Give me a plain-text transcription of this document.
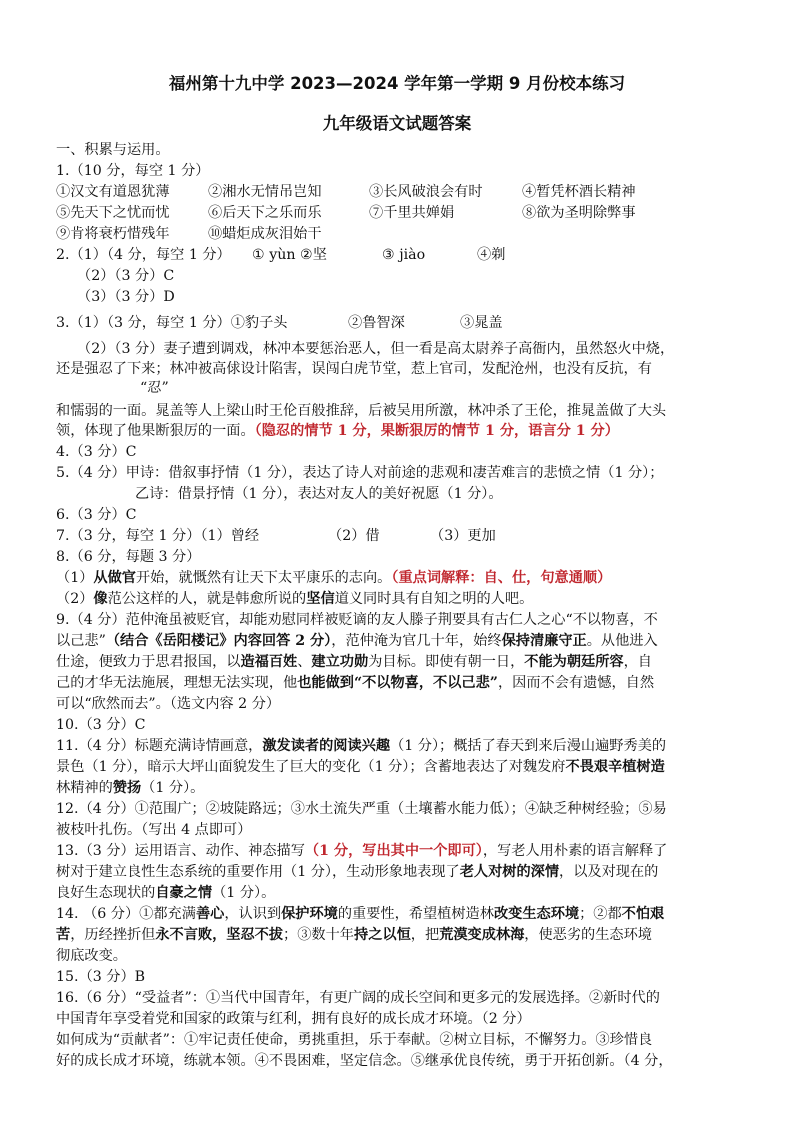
福州第十九中学 2023—2024 学年第一学期 9 月份校本练习
九年级语文试题答案
一、积累与运用。
1.（10 分，每空 1 分）
①汉文有道恩犹薄	②湘水无情吊岂知	③长风破浪会有时	④暂凭杯酒长精神
⑤先天下之忧而忧	⑥后天下之乐而乐	⑦千里共婵娟	⑧欲为圣明除弊事
⑨肯将衰朽惜残年	⑩蜡炬成灰泪始干
2.（1）（4 分，每空 1 分） ① yùn ②坚	③ jiào	④剃
（2）（3 分）C
（3）（3 分）D
3.（1）（3 分，每空 1 分）①豹子头	②鲁智深	③晁盖
（2）（3 分）妻子遭到调戏，林冲本要惩治恶人，但一看是高太尉养子高衙内，虽然怒火中烧，
还是强忍了下来；林冲被高俅设计陷害，误闯白虎节堂，惹上官司，发配沧州，也没有反抗，有
“忍”
和懦弱的一面。晁盖等人上梁山时王伦百般推辞，后被吴用所激，林冲杀了王伦，推晁盖做了大头
领，体现了他果断狠厉的一面。（隐忍的情节 1 分，果断狠厉的情节 1 分，语言分 1 分）
4.（3 分）C
5.（4 分）甲诗：借叙事抒情（1 分），表达了诗人对前途的悲观和凄苦难言的悲愤之情（1 分）；
乙诗：借景抒情（1 分），表达对友人的美好祝愿（1 分）。
6.（3 分）C
7.（3 分，每空 1 分）（1）曾经	（2）借	（3）更加
8.（6 分，每题 3 分）
（1）从做官开始，就慨然有让天下太平康乐的志向。（重点词解释：自、仕，句意通顺）
（2）像范公这样的人，就是韩愈所说的坚信道义同时具有自知之明的人吧。
9.（4 分）范仲淹虽被贬官，却能劝慰同样被贬谪的友人滕子荆要具有古仁人之心“不以物喜，不
以己悲”（结合《岳阳楼记》内容回答 2 分），范仲淹为官几十年，始终保持清廉守正。从他进入
仕途，便致力于思君报国，以造福百姓、建立功勋为目标。即使有朝一日，不能为朝廷所容，自
己的才华无法施展，理想无法实现，他也能做到“不以物喜，不以己悲”，因而不会有遗憾，自然
可以“欣然而去”。（选文内容 2 分）
10.（3 分）C
11.（4 分）标题充满诗情画意，激发读者的阅读兴趣（1 分）；概括了春天到来后漫山遍野秀美的
景色（1 分），暗示大坪山面貌发生了巨大的变化（1 分）；含蓄地表达了对魏发府不畏艰辛植树造
林精神的赞扬（1 分）。
12.（4 分）①范围广；②坡陡路远；③水土流失严重（土壤蓄水能力低）；④缺乏种树经验；⑤易
被枝叶扎伤。（写出 4 点即可）
13.（3 分）运用语言、动作、神态描写（1 分，写出其中一个即可），写老人用朴素的语言解释了
树对于建立良性生态系统的重要作用（1 分），生动形象地表现了老人对树的深情，以及对现在的
良好生态现状的自豪之情（1 分）。
14. （6 分）①都充满善心，认识到保护环境的重要性，希望植树造林改变生态环境；②都不怕艰
苦，历经挫折但永不言败，坚忍不拔；③数十年持之以恒，把荒漠变成林海，使恶劣的生态环境
彻底改变。
15.（3 分）B
16.（6 分）“受益者”：①当代中国青年，有更广阔的成长空间和更多元的发展选择。②新时代的
中国青年享受着党和国家的政策与红利，拥有良好的成长成才环境。（2 分）
如何成为“贡献者”：①牢记责任使命，勇挑重担，乐于奉献。②树立目标，不懈努力。③珍惜良
好的成长成才环境，练就本领。④不畏困难，坚定信念。⑤继承优良传统，勇于开拓创新。（4 分，
